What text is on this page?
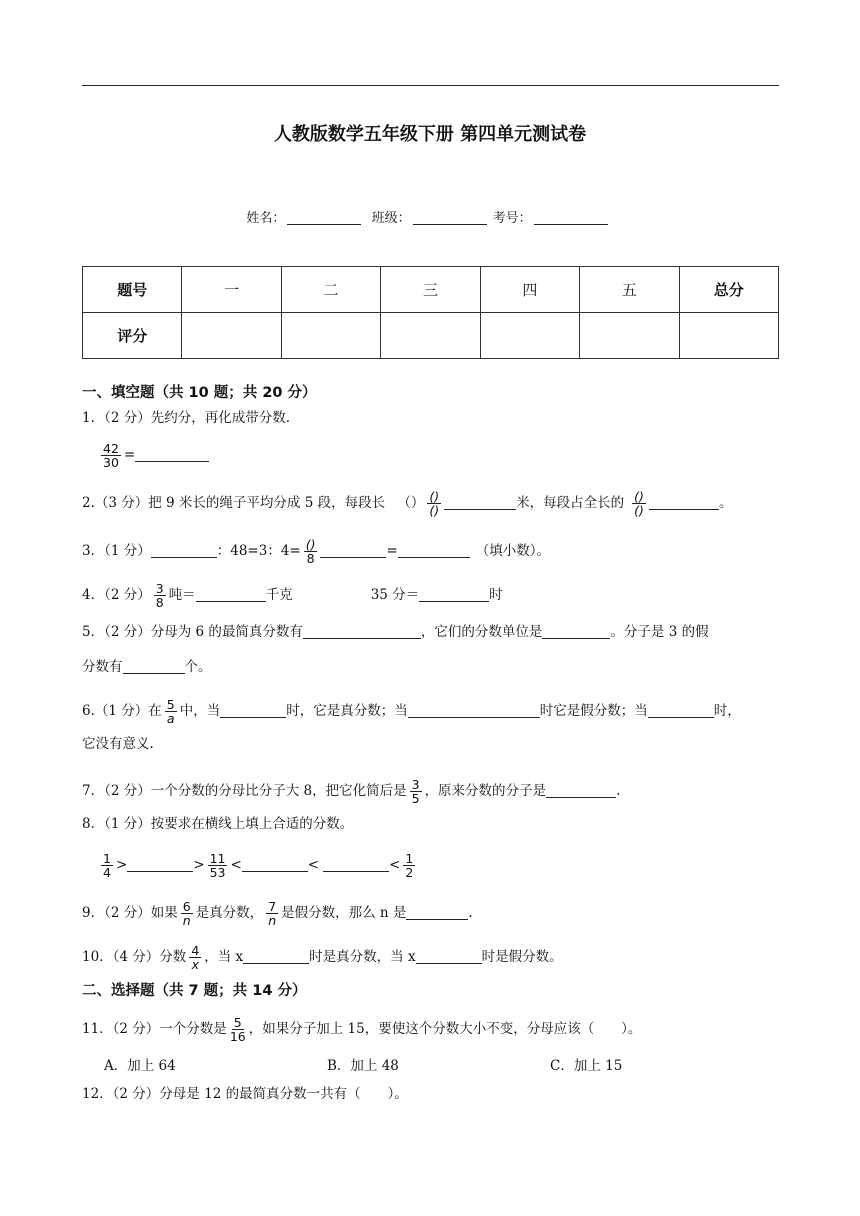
人教版数学五年级下册 第四单元测试卷
姓名：	班级：	考号：
题号	一	二	三	四	五	总分
评分						
一、填空题（共 10 题；共 20 分）
1．（2 分）先约分，再化成带分数.
$\frac{42}{30}$ =
2.（3 分）把 9 米长的绳子平均分成 5 段，每段长 （） $\frac{()}{()}$	米，每段占全长的 $\frac{()}{()}$	。
3．（1 分）	：48=3：$4= \frac{()}{8}$	=	（填小数）。
4．（2 分） $\frac{3}{8}$ 吨＝	千克	35 分＝	时
5．（2 分）分母为 6 的最简真分数有	，它们的分数单位是	。分子是 3 的假
分数有	个。
6.（1 分）在 $\frac{5}{a}$ 中，当	时，它是真分数；当	时它是假分数；当	时，
它没有意义.
7．（2 分）一个分数的分母比分子大 8，把它化简后是 $\frac{3}{5}$ ，原来分数的分子是	.
8．（1 分）按要求在横线上填上合适的分数。
$\frac{1}{4}$ >	> $\frac{11}{53}$ <	<	< $\frac{1}{2}$
9．（2 分）如果 $\frac{6}{n}$ 是真分数， $\frac{7}{n}$ 是假分数，那么 n 是	.
10．（4 分）分数 $\frac{4}{x}$ ，当 x	时是真分数，当 x	时是假分数。
二、选择题（共 7 题；共 14 分）
11．（2 分）一个分数是 $\frac{5}{16}$ ，如果分子加上 15，要使这个分数大小不变，分母应该（　　）。
A．加上 64	B．加上 48	C．加上 15
12．（2 分）分母是 12 的最简真分数一共有（　　）。
